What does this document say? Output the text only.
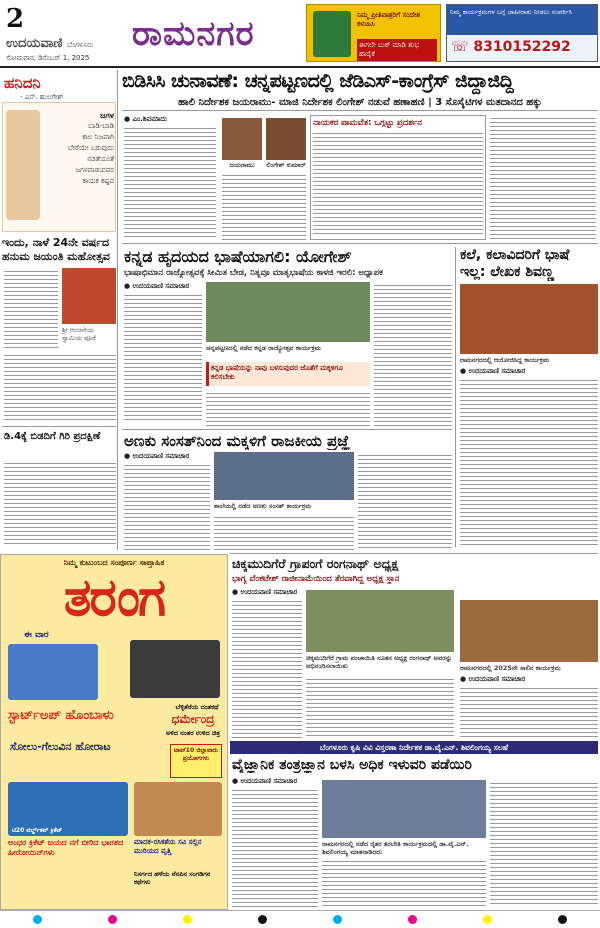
2
ಉದಯವಾಣಿ ಬೆಂಗಳೂರು
ಸೋಮವಾರ, ಡಿಸೆಂಬರ್ 1, 2025
ರಾಮನಗರ	ನಿಮ್ಮ ಪ್ರೀತಿಪಾತ್ರರಿಗೆ ಸಂದೇಶ ಕಳುಹಿಸಿ
ಈಗಲೇ ಬುಕ್ ಮಾಡಿ ಶುಭ ಹಾರೈಕೆ
ನಿಮ್ಮ ಕಾರ್ಯಕ್ರಮಗಳ ಬಗ್ಗೆ ಜಾಹೀರಾತು ನೀಡಲು ಸಂಪರ್ಕಿಸಿ
☏ 8310152292
ಹನಿದನಿ
- ಎಸ್. ಹುಲಗೇಶ್
ಜಗಳ
ಬಾಡಿ-ಬಾಡಿ
ಕಾಲ ನಿಜವಾಗಿ
ಬೇರೆಯೇ ಬರುವುದು
ನಡತೆಯಂತೆ
ಜಗಳವಾಡುವವರ
ಕಾಯಕ ಕಷ್ಟದ
ಇಂದು, ನಾಳೆ 24ನೇ ವರ್ಷದ ಹನುಮ ಜಯಂತಿ ಮಹೋತ್ಸವ
ಶ್ರೀ ಆಂಜನೇಯ ಸ್ವಾಮಿಯ ಪೂಜೆ
ಡಿ.4ಕ್ಕೆ ಬಿಡದಿಗೆ ಗಿರಿ ಪ್ರದಕ್ಷಿಣೆ
ಬಿಡಿಸಿಸಿ ಚುನಾವಣೆ: ಚನ್ನಪಟ್ಟಣದಲ್ಲಿ ಜೆಡಿಎಸ್-ಕಾಂಗ್ರೆಸ್ ಜಿದ್ದಾಜಿದ್ದಿ
ಹಾಲಿ ನಿರ್ದೇಶಕ ಜಯರಾಮು- ಮಾಜಿ ನಿರ್ದೇಶಕ ಲಿಂಗೇಶ್ ನಡುವೆ ಹಣಾಹಣಿ | 3 ಸೊಸೈಟಿಗಳ ಮತದಾನದ ಹಕ್ಕು
● ಎಂ.ಶಿವಮಾದು
ಜಯರಾಮು	ಲಿಂಗೇಶ್ ಕುಮಾರ್
ನಾಯಕರ ಪಾಮವೆತ: ಒಗ್ಗಟ್ಟು ಪ್ರದರ್ಶನ
ಕನ್ನಡ ಹೃದಯದ ಭಾಷೆಯಾಗಲಿ: ಯೋಗೇಶ್
ಭಾಷಾಭಿಮಾನ ರಾಜ್ಯೋತ್ಸವಕ್ಕೆ ಸೀಮಿತ ಬೇಡ, ನಿತ್ಯವೂ ಮಾತೃಭಾಷೆಯ ಕಾಳಜಿ ಇರಲಿ: ಅಧ್ಯಾಪಕ
● ಉದಯವಾಣಿ ಸಮಾಚಾರ
ಚನ್ನಪಟ್ಟಣದಲ್ಲಿ ನಡೆದ ಕನ್ನಡ ರಾಜ್ಯೋತ್ಸವ ಕಾರ್ಯಕ್ರಮ
ಕನ್ನಡ ಭಾಷೆಯನ್ನು ನಾವು ಬಳಸುವುದರ ಜೊತೆಗೆ ಮಕ್ಕಳಿಗೂ ಕಲಿಸಬೇಕು
ಕಲೆ, ಕಲಾವಿದರಿಗೆ ಭಾಷೆ ಇಲ್ಲ: ಲೇಖಕ ಶಿವಣ್ಣ
ರಾಮನಗರದಲ್ಲಿ ಆಯೋಜಿಸಿದ್ದ ಕಾರ್ಯಕ್ರಮ
● ಉದಯವಾಣಿ ಸಮಾಚಾರ
ಅಣಕು ಸಂಸತ್‌ನಿಂದ ಮಕ್ಕಳಿಗೆ ರಾಜಕೀಯ ಪ್ರಜ್ಞೆ
● ಉದಯವಾಣಿ ಸಮಾಚಾರ
ಶಾಲೆಯಲ್ಲಿ ನಡೆದ ಅಣಕು ಸಂಸತ್ ಕಾರ್ಯಕ್ರಮ
ಚಿಕ್ಕಮುದಿಗೆರೆ ಗ್ರಾಪಂಗೆ ರಂಗನಾಥ್ ಅಧ್ಯಕ್ಷ
ಭಾಗ್ಯ ವೆಂಕಟೇಶ್ ರಾಜೀನಾಮೆಯಿಂದ ತೆರವಾಗಿದ್ದ ಅಧ್ಯಕ್ಷ ಸ್ಥಾನ
● ಉದಯವಾಣಿ ಸಮಾಚಾರ
ಚಿಕ್ಕಮುದಿಗೆರೆ ಗ್ರಾಮ ಪಂಚಾಯಿತಿ ನೂತನ ಅಧ್ಯಕ್ಷ ರಂಗನಾಥ್ ಅವರನ್ನು ಅಭಿನಂದಿಸಲಾಯಿತು	ರಾಮನಗರದಲ್ಲಿ 2025ನೇ ಸಾಲಿನ ಕಾರ್ಯಕ್ರಮ
● ಉದಯವಾಣಿ ಸಮಾಚಾರ
ಬೆಂಗಳೂರು ಕೃಷಿ ವಿವಿ ವಿಸ್ತರಣಾ ನಿರ್ದೇಶಕ ಡಾ.ವೈ.ಎನ್. ಶಿವಲಿಂಗಯ್ಯ ಸಲಹೆ
ವೈಜ್ಞಾನಿಕ ತಂತ್ರಜ್ಞಾನ ಬಳಸಿ ಅಧಿಕ ಇಳುವರಿ ಪಡೆಯಿರಿ
● ಉದಯವಾಣಿ ಸಮಾಚಾರ
ರಾಮನಗರದಲ್ಲಿ ನಡೆದ ರೈತರ ತರಬೇತಿ ಕಾರ್ಯಕ್ರಮದಲ್ಲಿ ಡಾ.ವೈ.ಎನ್. ಶಿವಲಿಂಗಯ್ಯ ಮಾತನಾಡಿದರು
ನಿಮ್ಮ ಕುಟುಂಬದ ಸಂಪೂರ್ಣ ಸಾಪ್ತಾಹಿಕ
ತರಂಗ
ಈ ವಾರ
ಬೆಳ್ಳಿತೆರೆಯ ದಂತಕಥೆ
ಧರ್ಮೇಂದ್ರ
ಅಳಿದ ನಂತರ ಉಳಿದ ಚಿತ್ರ
ಸ್ಟಾರ್ಟ್ಅಪ್ ಹೊಂಬಾಳು
ಸೋಲು-ಗೆಲುವಿನ ಹೋರಾಟ	ಟಾಪ್10 ಜಿಲ್ಲಾವಾರು ಪ್ರಯೋಗಗಳು
ಟಿ20 ವರ್ಲ್ಡ್‌ಕಪ್ ಕ್ರಿಕೆಟ್
ಮಾದಕ-ರಸಿಕತೆಯ ಸವಿ ಸಲ್ಲಿನ ಮುರಿಯದ ವೃತ್ತಿ
ಅಂಧರ ಕ್ರಿಕೆಟ್ ಜಯದ ನಗೆ ಬೀರಿದ ಭಾರತದ ಹೀರೋಯಿನ್‌ಗಳು
ನಿಸರ್ಗದ ಹಳೆಯ ನೆನಪಿನ ಸಂಗಡಿಗನ ಕಥೆಗಳು
